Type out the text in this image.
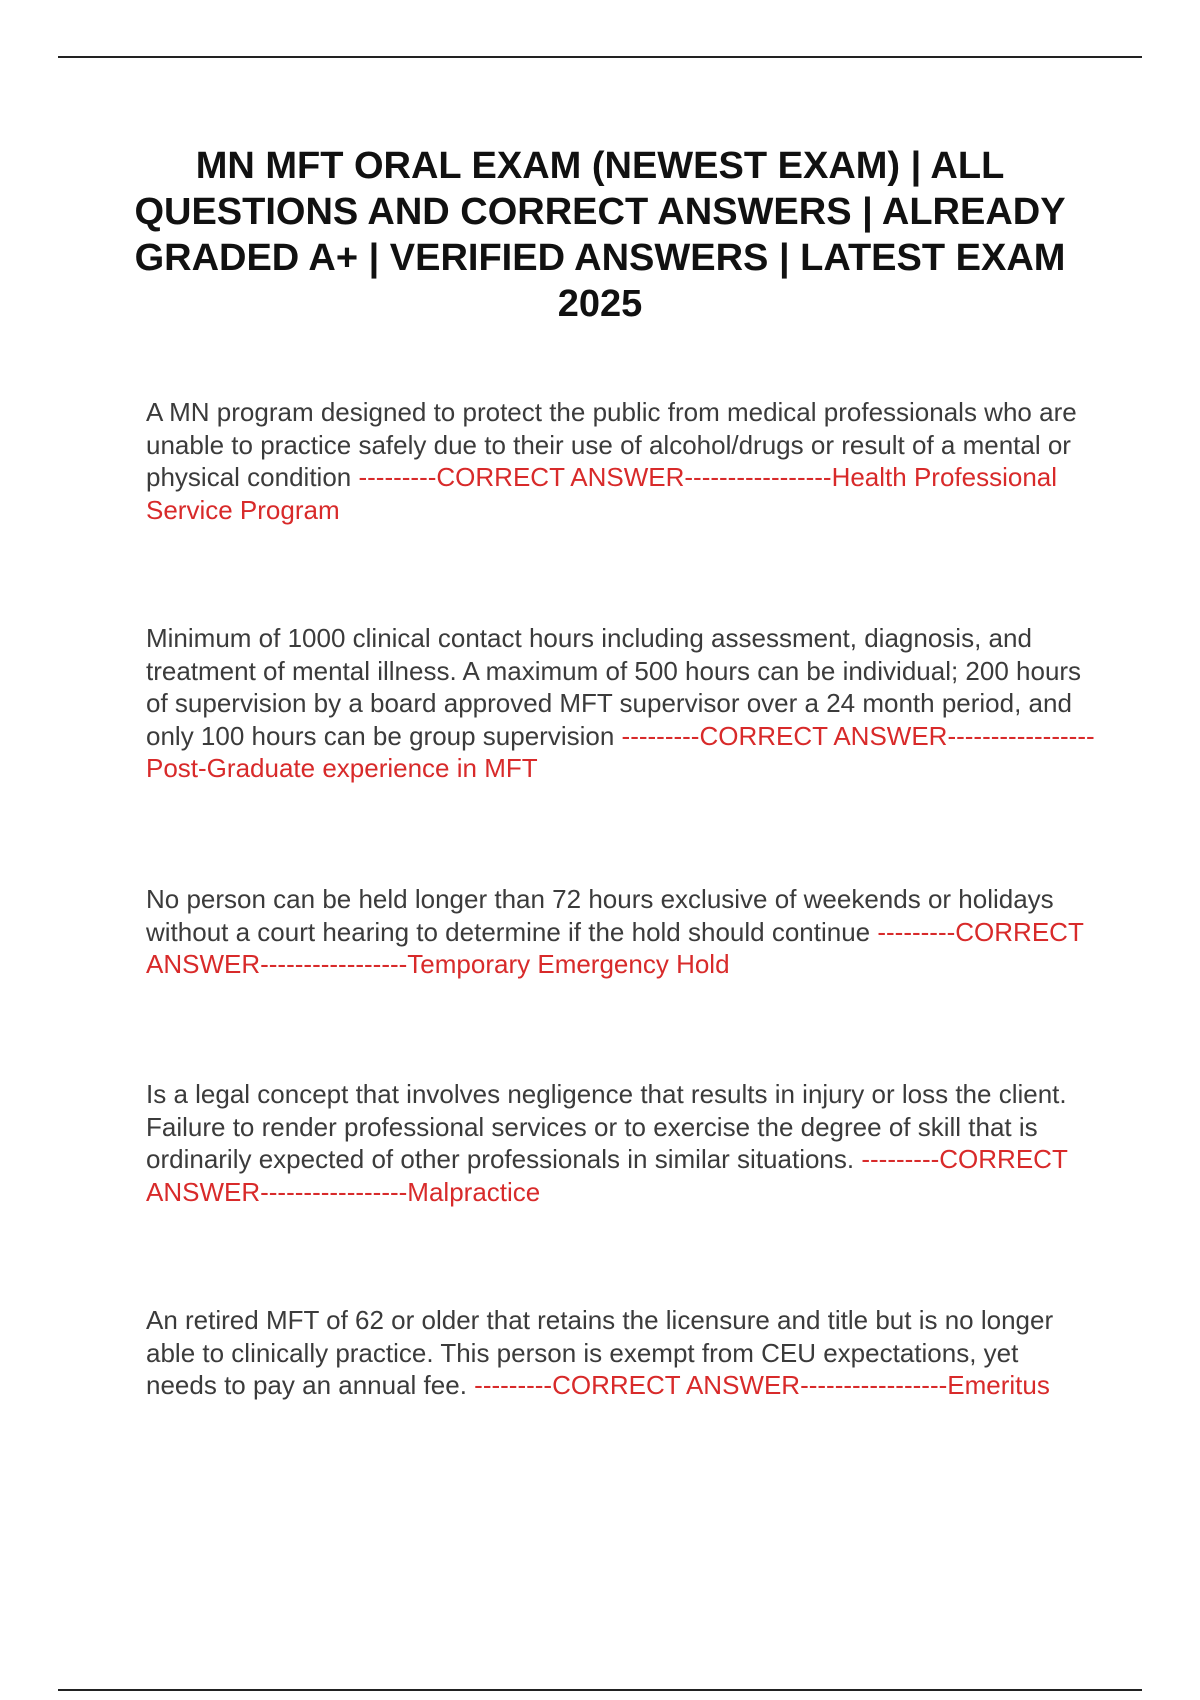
MN MFT ORAL EXAM (NEWEST EXAM) | ALL QUESTIONS AND CORRECT ANSWERS | ALREADY GRADED A+ | VERIFIED ANSWERS | LATEST EXAM 2025

A MN program designed to protect the public from medical professionals who are unable to practice safely due to their use of alcohol/drugs or result of a mental or physical condition ---------CORRECT ANSWER-----------------Health Professional Service Program

Minimum of 1000 clinical contact hours including assessment, diagnosis, and treatment of mental illness. A maximum of 500 hours can be individual; 200 hours of supervision by a board approved MFT supervisor over a 24 month period, and only 100 hours can be group supervision ---------CORRECT ANSWER-----------------Post-Graduate experience in MFT

No person can be held longer than 72 hours exclusive of weekends or holidays without a court hearing to determine if the hold should continue ---------CORRECT ANSWER-----------------Temporary Emergency Hold

Is a legal concept that involves negligence that results in injury or loss the client. Failure to render professional services or to exercise the degree of skill that is ordinarily expected of other professionals in similar situations. ---------CORRECT ANSWER-----------------Malpractice

An retired MFT of 62 or older that retains the licensure and title but is no longer able to clinically practice. This person is exempt from CEU expectations, yet needs to pay an annual fee. ---------CORRECT ANSWER-----------------Emeritus
